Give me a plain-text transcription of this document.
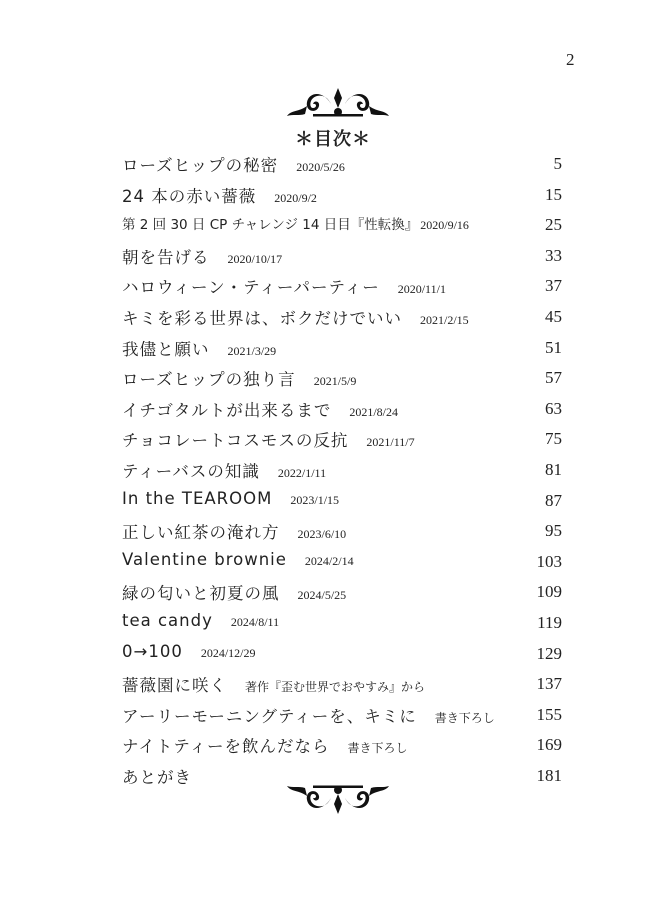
2
＊目次＊
ローズヒップの秘密 2020/5/26	5
24 本の赤い薔薇 2020/9/2	15
第 2 回 30 日 CP チャレンジ 14 日目『性転換』 2020/9/16	25
朝を告げる 2020/10/17	33
ハロウィーン・ティーパーティー 2020/11/1	37
キミを彩る世界は、ボクだけでいい 2021/2/15	45
我儘と願い 2021/3/29	51
ローズヒップの独り言 2021/5/9	57
イチゴタルトが出来るまで 2021/8/24	63
チョコレートコスモスの反抗 2021/11/7	75
ティーバスの知識 2022/1/11	81
In the TEAROOM 2023/1/15	87
正しい紅茶の淹れ方 2023/6/10	95
Valentine brownie 2024/2/14	103
緑の匂いと初夏の風 2024/5/25	109
tea candy 2024/8/11	119
0→100 2024/12/29	129
薔薇園に咲く 著作『歪む世界でおやすみ』から	137
アーリーモーニングティーを、キミに 書き下ろし 155
ナイトティーを飲んだなら 書き下ろし	169
あとがき	181
